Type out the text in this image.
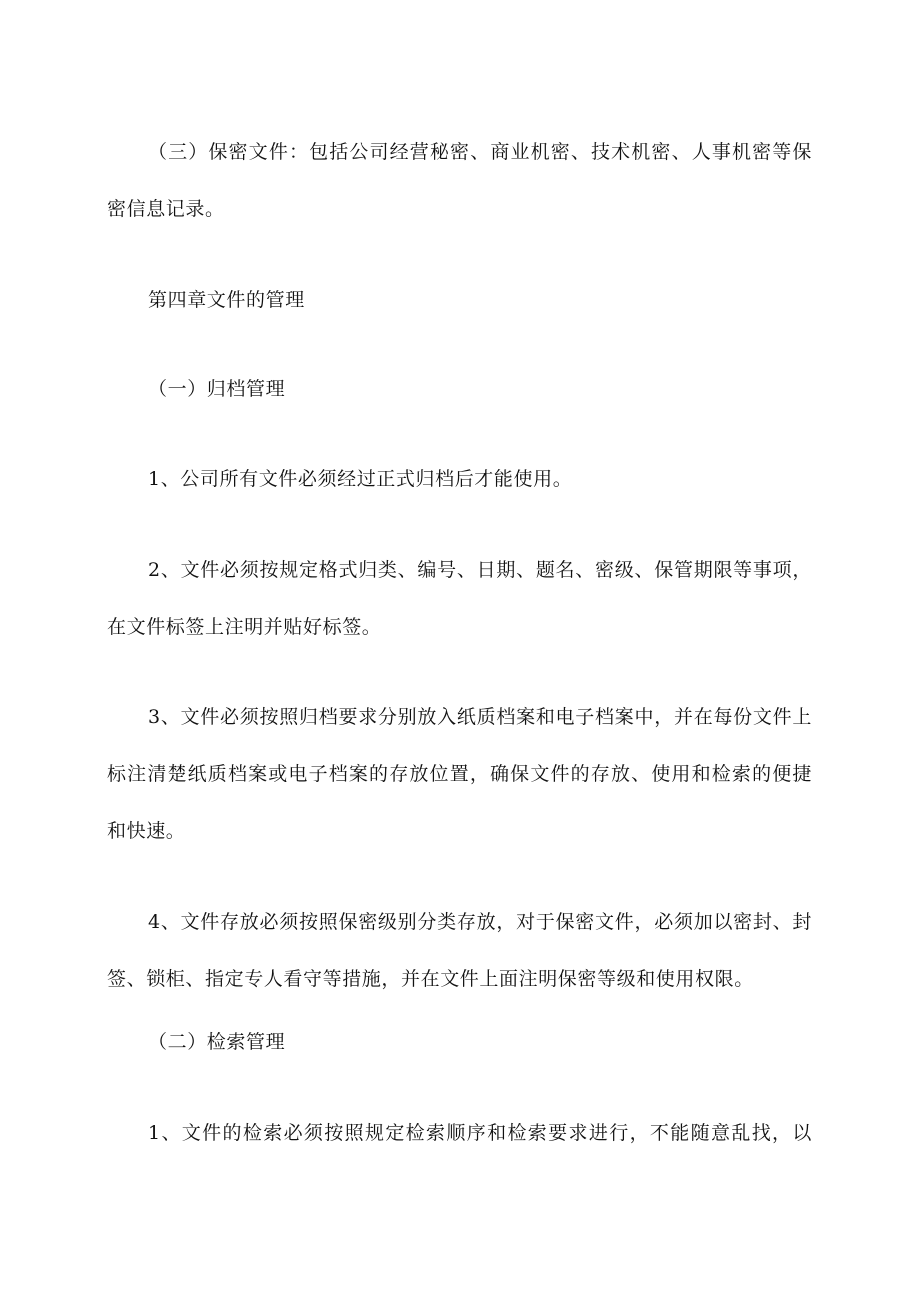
（三）保密文件：包括公司经营秘密、商业机密、技术机密、人事机密等保
密信息记录。
第四章文件的管理
（一）归档管理
1、公司所有文件必须经过正式归档后才能使用。
2、文件必须按规定格式归类、编号、日期、题名、密级、保管期限等事项，
在文件标签上注明并贴好标签。
3、文件必须按照归档要求分别放入纸质档案和电子档案中，并在每份文件上
标注清楚纸质档案或电子档案的存放位置，确保文件的存放、使用和检索的便捷
和快速。
4、文件存放必须按照保密级别分类存放，对于保密文件，必须加以密封、封
签、锁柜、指定专人看守等措施，并在文件上面注明保密等级和使用权限。
（二）检索管理
1、文件的检索必须按照规定检索顺序和检索要求进行，不能随意乱找，以
